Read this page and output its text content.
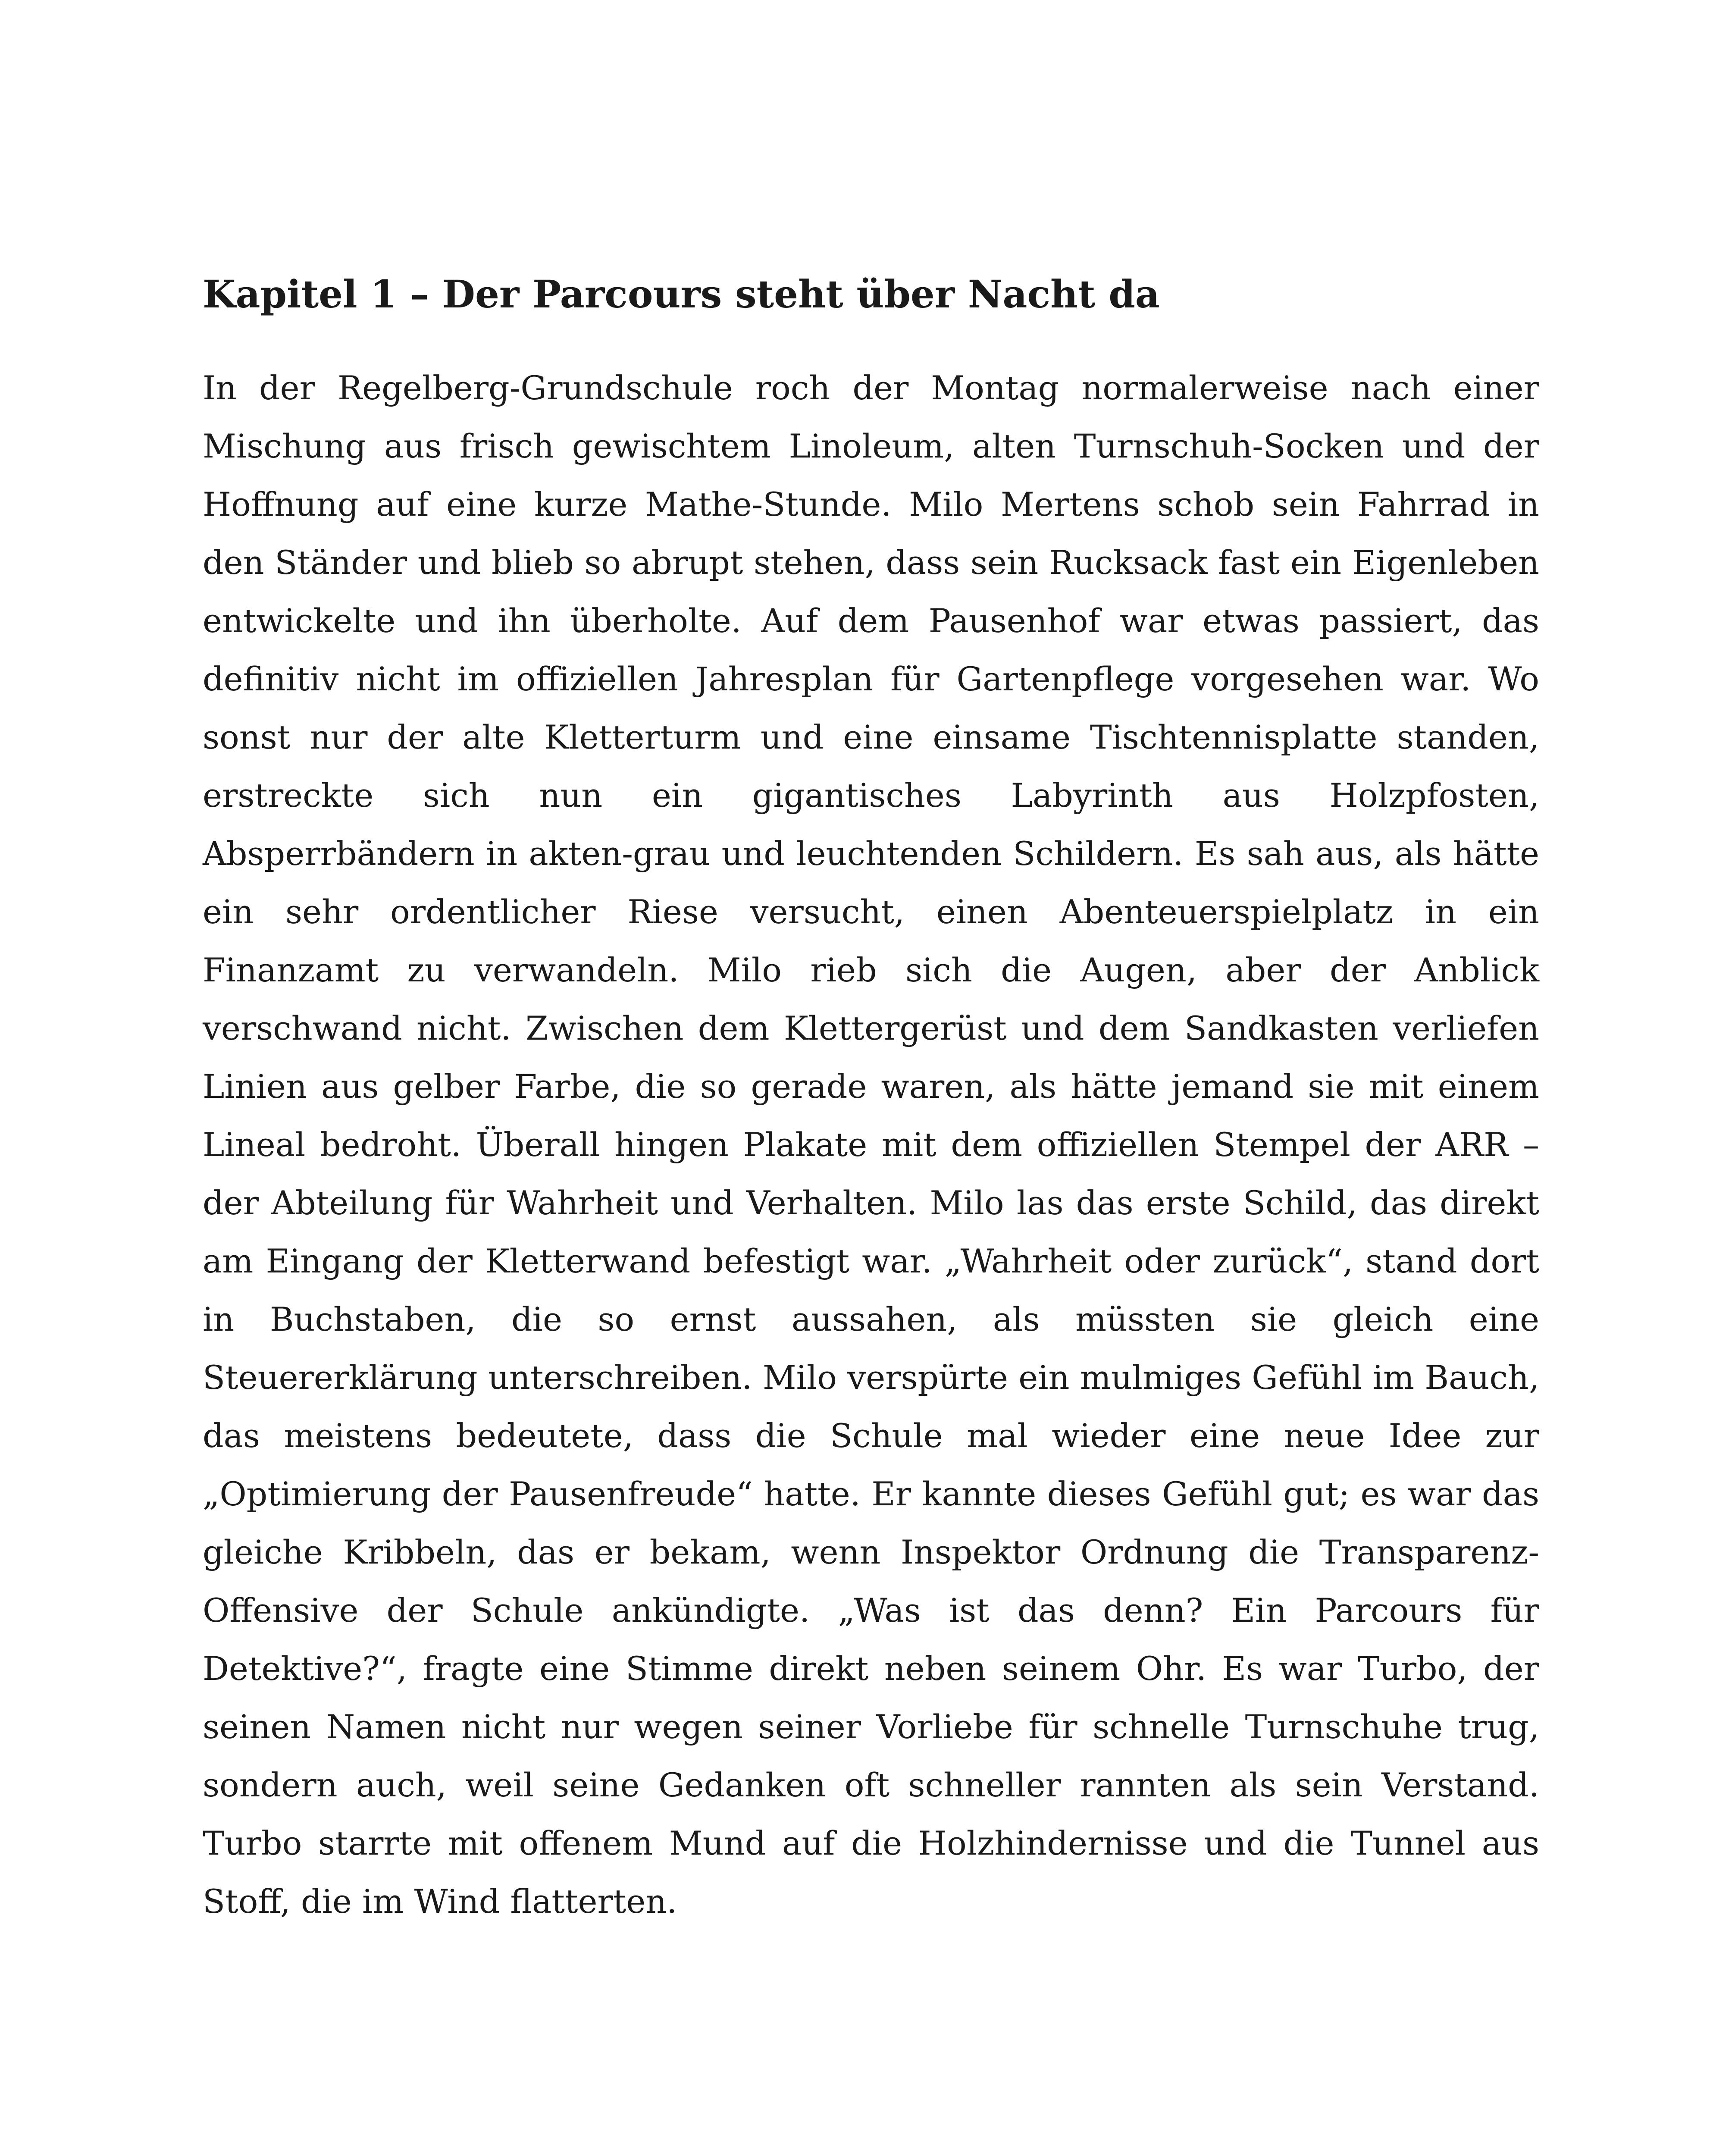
Kapitel 1 – Der Parcours steht über Nacht da

In der Regelberg-Grundschule roch der Montag normalerweise nach einer Mischung aus frisch gewischtem Linoleum, alten Turnschuh-Socken und der Hoffnung auf eine kurze Mathe-Stunde. Milo Mertens schob sein Fahrrad in den Ständer und blieb so abrupt stehen, dass sein Rucksack fast ein Eigenleben entwickelte und ihn überholte. Auf dem Pausenhof war etwas passiert, das definitiv nicht im offiziellen Jahresplan für Gartenpflege vorgesehen war. Wo sonst nur der alte Kletterturm und eine einsame Tischtennisplatte standen, erstreckte sich nun ein gigantisches Labyrinth aus Holzpfosten, Absperrbändern in akten-grau und leuchtenden Schildern. Es sah aus, als hätte ein sehr ordentlicher Riese versucht, einen Abenteuerspielplatz in ein Finanzamt zu verwandeln. Milo rieb sich die Augen, aber der Anblick verschwand nicht. Zwischen dem Klettergerüst und dem Sandkasten verliefen Linien aus gelber Farbe, die so gerade waren, als hätte jemand sie mit einem Lineal bedroht. Überall hingen Plakate mit dem offiziellen Stempel der ARR – der Abteilung für Wahrheit und Verhalten. Milo las das erste Schild, das direkt am Eingang der Kletterwand befestigt war. „Wahrheit oder zurück“, stand dort in Buchstaben, die so ernst aussahen, als müssten sie gleich eine Steuererklärung unterschreiben. Milo verspürte ein mulmiges Gefühl im Bauch, das meistens bedeutete, dass die Schule mal wieder eine neue Idee zur „Optimierung der Pausenfreude“ hatte. Er kannte dieses Gefühl gut; es war das gleiche Kribbeln, das er bekam, wenn Inspektor Ordnung die Transparenz-Offensive der Schule ankündigte. „Was ist das denn? Ein Parcours für Detektive?“, fragte eine Stimme direkt neben seinem Ohr. Es war Turbo, der seinen Namen nicht nur wegen seiner Vorliebe für schnelle Turnschuhe trug, sondern auch, weil seine Gedanken oft schneller rannten als sein Verstand. Turbo starrte mit offenem Mund auf die Holzhindernisse und die Tunnel aus Stoff, die im Wind flatterten.
